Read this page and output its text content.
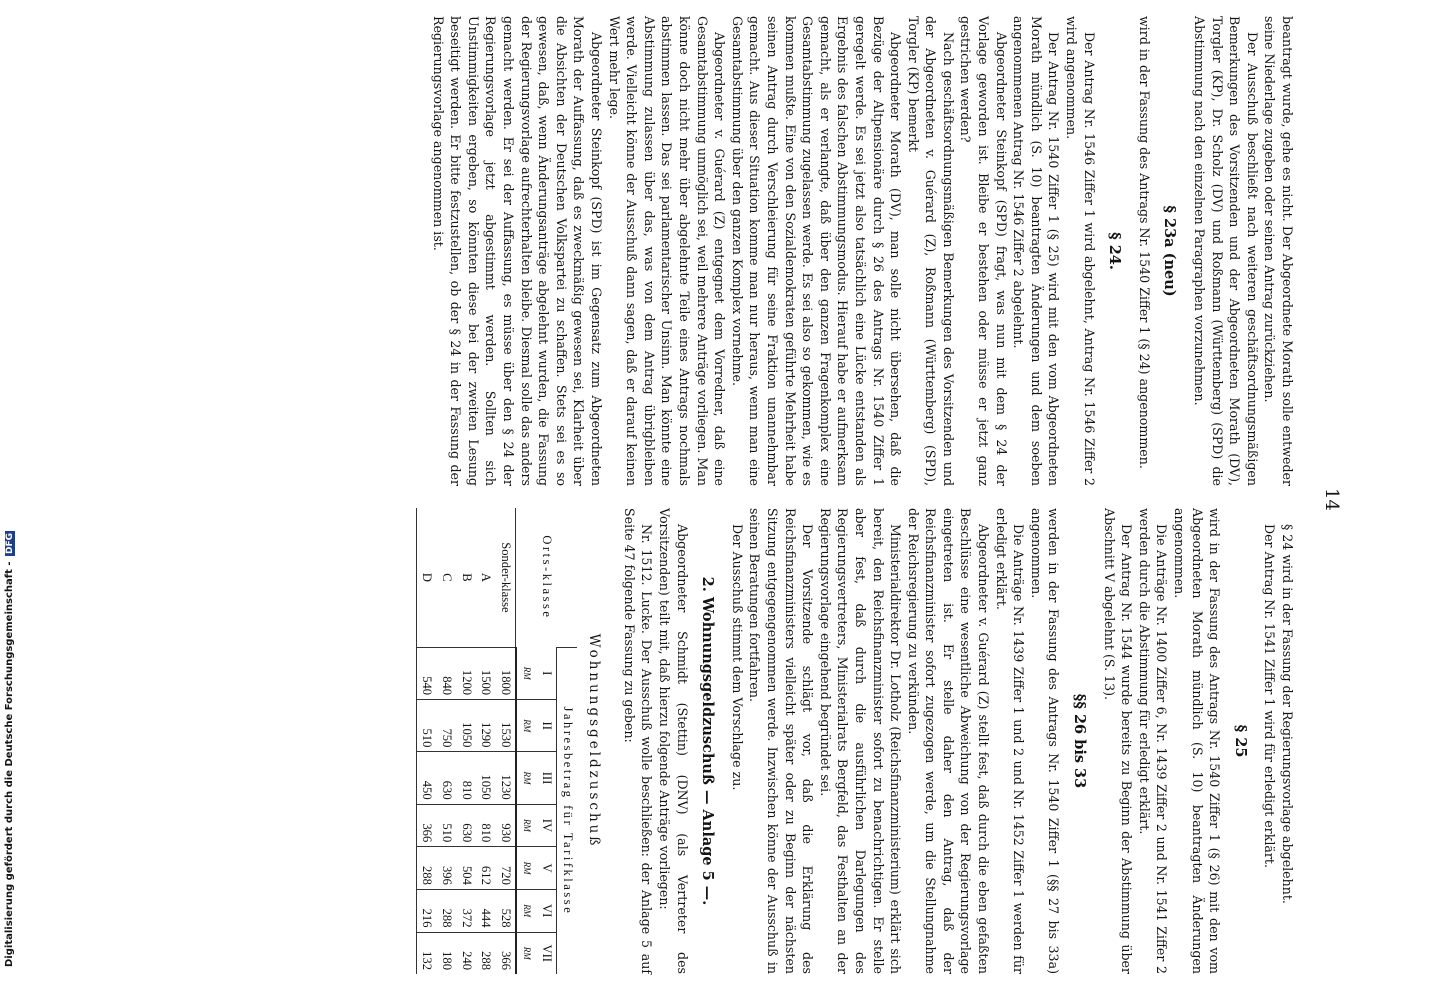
Digitalisierung gefördert durch die Deutsche Forschungsgemeinschaft - DFG
14

beantragt wurde, gehe es nicht. Der Abgeordnete Morath solle entweder seine Niederlage zugeben oder seinen Antrag zurückziehen.

Der Ausschuß beschließt nach weiteren geschäftsordnungsmäßigen Bemerkungen des Vorsitzenden und der Abgeordneten Morath (DV), Torgler (KP), Dr. Scholz (DV) und Roßmann (Württemberg) (SPD) die Abstimmung nach den einzelnen Paragraphen vorzunehmen.

§ 23a (neu)

wird in der Fassung des Antrags Nr. 1540 Ziffer 1 (§ 24) angenommen.

§ 24.

Der Antrag Nr. 1546 Ziffer 1 wird abgelehnt, Antrag Nr. 1546 Ziffer 2 wird angenommen.

Der Antrag Nr. 1540 Ziffer 1 (§ 25) wird mit den vom Abgeordneten Morath mündlich (S. 10) beantragten Änderungen und dem soeben angenommenen Antrag Nr. 1546 Ziffer 2 abgelehnt.

Abgeordneter Steinkopf (SPD) fragt, was nun mit dem § 24 der Vorlage geworden ist. Bleibe er bestehen oder müsse er jetzt ganz gestrichen werden?

Nach geschäftsordnungsmäßigen Bemerkungen des Vorsitzenden und der Abgeordneten v. Guérard (Z), Roßmann (Württemberg) (SPD), Torgler (KP) bemerkt

Abgeordneter Morath (DV), man solle nicht übersehen, daß die Bezüge der Altpensionäre durch § 26 des Antrags Nr. 1540 Ziffer 1 geregelt werde. Es sei jetzt also tatsächlich eine Lücke entstanden als Ergebnis des falschen Abstimmungsmodus. Hierauf habe er aufmerksam gemacht, als er verlangte, daß über den ganzen Fragenkomplex eine Gesamtabstimmung zugelassen werde. Es sei also so gekommen, wie es kommen mußte. Eine von den Sozialdemokraten geführte Mehrheit habe seinen Antrag durch Verschleierung für seine Fraktion unannehmbar gemacht. Aus dieser Situation komme man nur heraus, wenn man eine Gesamtabstimmung über den ganzen Komplex vornehme.

Abgeordneter v. Guérard (Z) entgegnet dem Vorredner, daß eine Gesamtabstimmung unmöglich sei, weil mehrere Anträge vorliegen. Man könne doch nicht mehr über abgelehnte Teile eines Antrags nochmals abstimmen lassen. Das sei parlamentarischer Unsinn. Man könnte eine Abstimmung zulassen über das, was von dem Antrag übrigbleiben werde. Vielleicht könne der Ausschuß dann sagen, daß er darauf keinen Wert mehr lege.

Abgeordneter Steinkopf (SPD) ist im Gegensatz zum Abgeordneten Morath der Auffassung, daß es zweckmäßig gewesen sei, Klarheit über die Absichten der Deutschen Volkspartei zu schaffen. Stets sei es so gewesen, daß, wenn Änderungsanträge abgelehnt wurden, die Fassung der Regierungsvorlage aufrechterhalten bleibe. Diesmal solle das anders gemacht werden. Er sei der Auffassung, es müsse über den § 24 der Regierungsvorlage jetzt abgestimmt werden. Sollten sich Unstimmigkeiten ergeben, so könnten diese bei der zweiten Lesung beseitigt werden. Er bitte festzustellen, ob der § 24 in der Fassung der Regierungsvorlage angenommen ist.

§ 24 wird in der Fassung der Regierungsvorlage abgelehnt.

Der Antrag Nr. 1541 Ziffer 1 wird für erledigt erklärt.

§ 25

wird in der Fassung des Antrags Nr. 1540 Ziffer 1 (§ 26) mit den vom Abgeordneten Morath mündlich (S. 10) beantragten Änderungen angenommen.

Die Anträge Nr. 1400 Ziffer 6, Nr. 1439 Ziffer 2 und Nr. 1541 Ziffer 2 werden durch die Abstimmung für erledigt erklärt.

Der Antrag Nr. 1544 wurde bereits zu Beginn der Abstimmung über Abschnitt V abgelehnt (S. 13).

§§ 26 bis 33

werden in der Fassung des Antrags Nr. 1540 Ziffer 1 (§§ 27 bis 33a) angenommen.

Die Anträge Nr. 1439 Ziffer 1 und 2 und Nr. 1452 Ziffer 1 werden für erledigt erklärt.

Abgeordneter v. Guérard (Z) stellt fest, daß durch die eben gefaßten Beschlüsse eine wesentliche Abweichung von der Regierungsvorlage eingetreten ist. Er stelle daher den Antrag, daß der Reichsfinanzminister sofort zugezogen werde, um die Stellungnahme der Reichsregierung zu verkünden.

Ministerialdirektor Dr. Lotholz (Reichsfinanzministerium) erklärt sich bereit, den Reichsfinanzminister sofort zu benachrichtigen. Er stelle aber fest, daß durch die ausführlichen Darlegungen des Regierungsvertreters, Ministerialrats Bergfeld, das Festhalten an der Regierungsvorlage eingehend begründet sei.

Der Vorsitzende schlägt vor, daß die Erklärung des Reichsfinanzministers vielleicht später oder zu Beginn der nächsten Sitzung entgegengenommen werde. Inzwischen könne der Ausschuß in seinen Beratungen fortfahren.

Der Ausschuß stimmt dem Vorschlage zu.

2. Wohnungsgeldzuschuß — Anlage 5 —.

Abgeordneter Schmidt (Stettin) (DNV) (als Vertreter des Vorsitzenden) teilt mit, daß hierzu folgende Anträge vorliegen:

Nr. 1512. Lucke. Der Ausschuß wolle beschließen: der Anlage 5 auf Seite 47 folgende Fassung zu geben:

Wohnungsgeldzuschuß
Orts-klasse	Jahresbetrag für Tarifklasse						
	I	II	III	IV	V	VI	VII
	RM	RM	RM	RM	RM	RM	RM
Sonder-klasse	1800	1530	1230	930	720	528	366
A	1500	1290	1050	810	612	444	288
B	1200	1050	810	630	504	372	240
C	840	750	630	510	396	288	180
D	540	510	450	366	288	216	132
